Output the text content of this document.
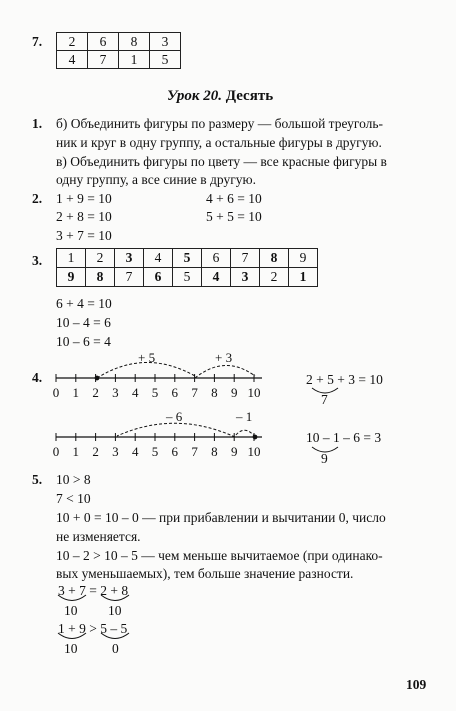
7. 2	6	8	3
4	7	1	5
Урок 20. Десять
1. б) Объединить фигуры по размеру — большой треуголь-
ник и круг в одну группу, а остальные фигуры в другую.
в) Объединить фигуры по цвету — все красные фигуры в
одну группу, а все синие в другую.
2. 1 + 9 = 10
2 + 8 = 10
3 + 7 = 10
4 + 6 = 10
5 + 5 = 10
3. 1	2	3	4	5	6	7	8	9
9	8	7	6	5	4	3	2	1
6 + 4 = 10
10 – 4 = 6
10 – 6 = 4
4.
0 1 2 3 4 5 6 7 8 9 10
0 1 2 3 4 5 6 7 8 9 10
+ 5	+ 3
– 6	– 1
2 + 5 + 3 = 10
7
10 – 1 – 6 = 3
9
5. 10 > 8
7 < 10
10 + 0 = 10 – 0 — при прибавлении и вычитании 0, число
не изменяется.
10 – 2 > 10 – 5 — чем меньше вычитаемое (при одинако-
вых уменьшаемых), тем больше значение разности.
3 + 7 = 2 + 8
10 10
1 + 9 > 5 – 5
10	0
109
